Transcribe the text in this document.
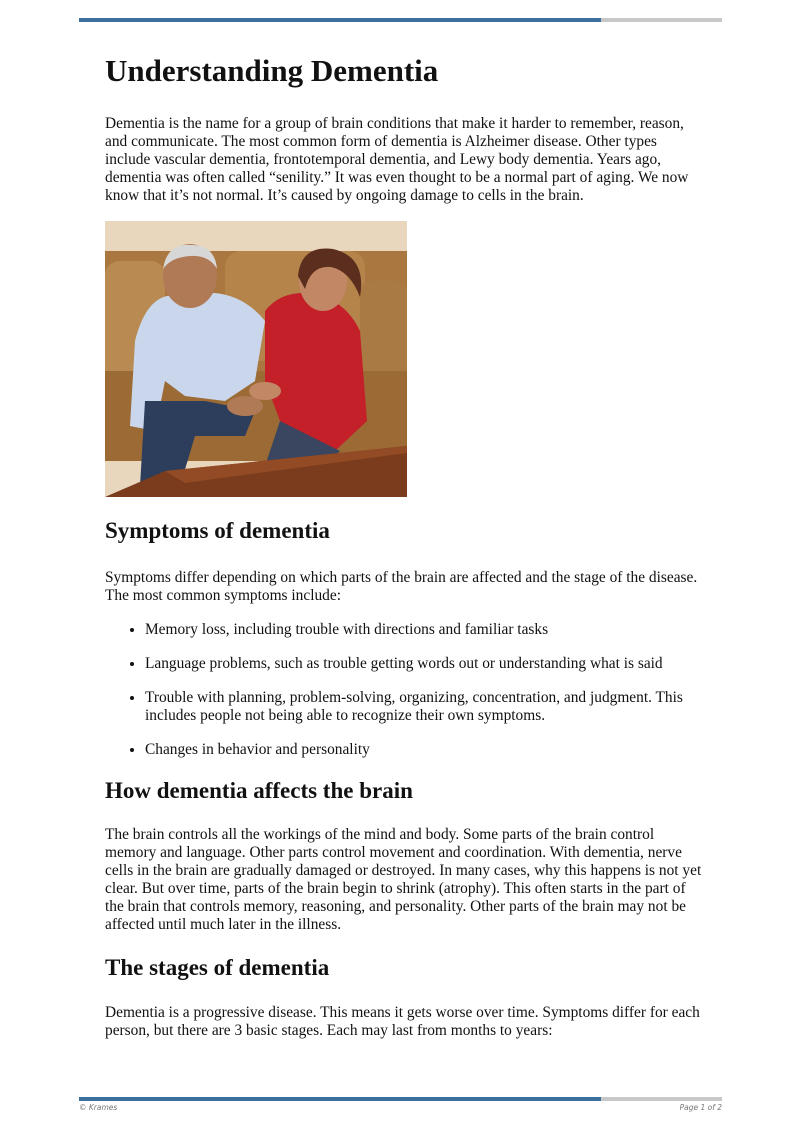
Understanding Dementia

Dementia is the name for a group of brain conditions that make it harder to remember, reason, and communicate. The most common form of dementia is Alzheimer disease. Other types include vascular dementia, frontotemporal dementia, and Lewy body dementia. Years ago, dementia was often called “senility.” It was even thought to be a normal part of aging. We now know that it’s not normal. It’s caused by ongoing damage to cells in the brain.

Symptoms of dementia

Symptoms differ depending on which parts of the brain are affected and the stage of the disease. The most common symptoms include:

• Memory loss, including trouble with directions and familiar tasks
• Language problems, such as trouble getting words out or understanding what is said
• Trouble with planning, problem-solving, organizing, concentration, and judgment. This includes people not being able to recognize their own symptoms.
• Changes in behavior and personality
How dementia affects the brain

The brain controls all the workings of the mind and body. Some parts of the brain control memory and language. Other parts control movement and coordination. With dementia, nerve cells in the brain are gradually damaged or destroyed. In many cases, why this happens is not yet clear. But over time, parts of the brain begin to shrink (atrophy). This often starts in the part of the brain that controls memory, reasoning, and personality. Other parts of the brain may not be affected until much later in the illness.

The stages of dementia

Dementia is a progressive disease. This means it gets worse over time. Symptoms differ for each person, but there are 3 basic stages. Each may last from months to years:

© Krames	Page 1 of 2
